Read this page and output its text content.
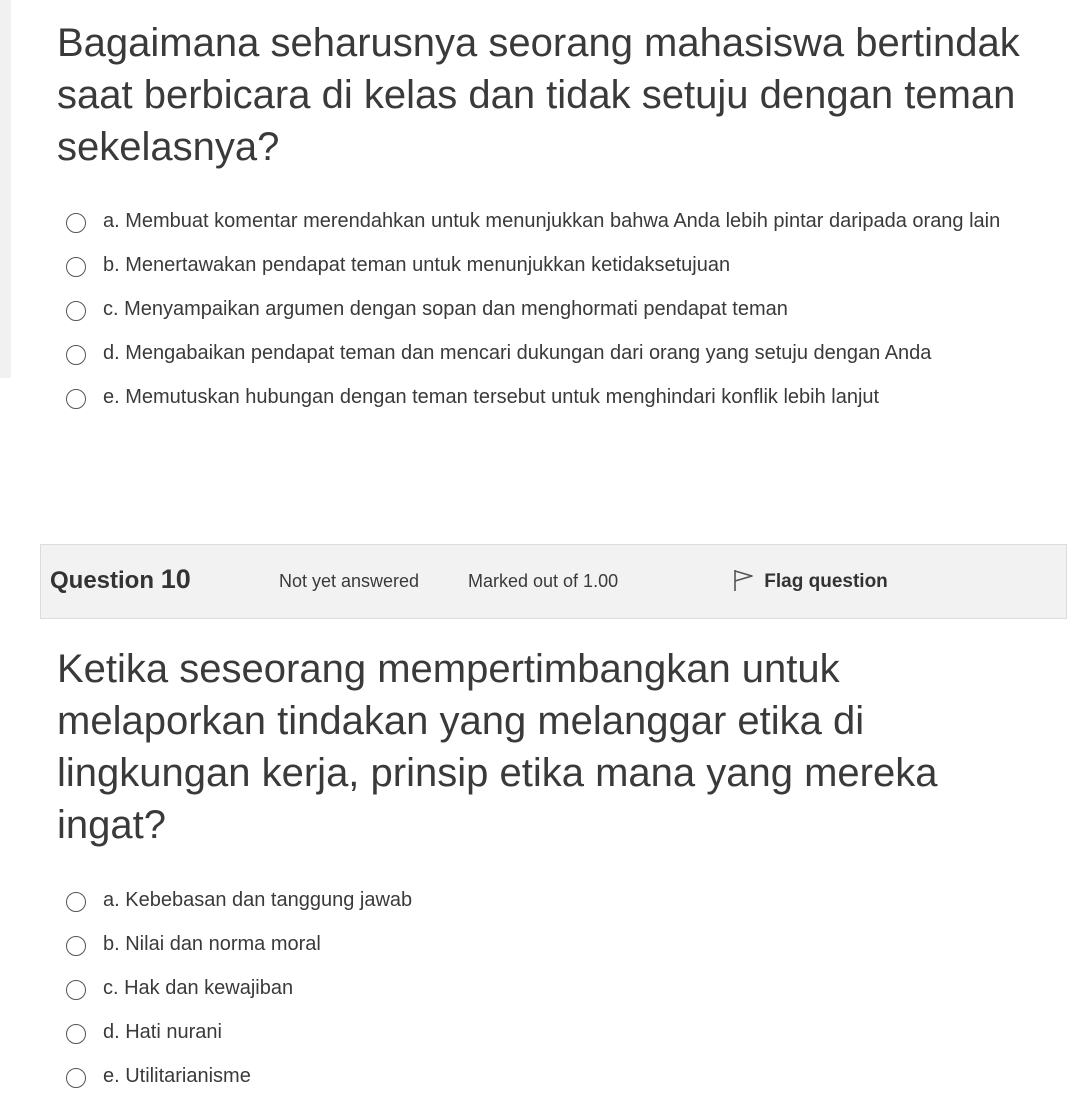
Bagaimana seharusnya seorang mahasiswa bertindak saat berbicara di kelas dan tidak setuju dengan teman sekelasnya?

a. Membuat komentar merendahkan untuk menunjukkan bahwa Anda lebih pintar daripada orang lain
b. Menertawakan pendapat teman untuk menunjukkan ketidaksetujuan
c. Menyampaikan argumen dengan sopan dan menghormati pendapat teman
d. Mengabaikan pendapat teman dan mencari dukungan dari orang yang setuju dengan Anda
e. Memutuskan hubungan dengan teman tersebut untuk menghindari konflik lebih lanjut
Question 10	Not yet answered	Marked out of 1.00	Flag question

Ketika seseorang mempertimbangkan untuk melaporkan tindakan yang melanggar etika di lingkungan kerja, prinsip etika mana yang mereka ingat?

a. Kebebasan dan tanggung jawab
b. Nilai dan norma moral
c. Hak dan kewajiban
d. Hati nurani
e. Utilitarianisme
